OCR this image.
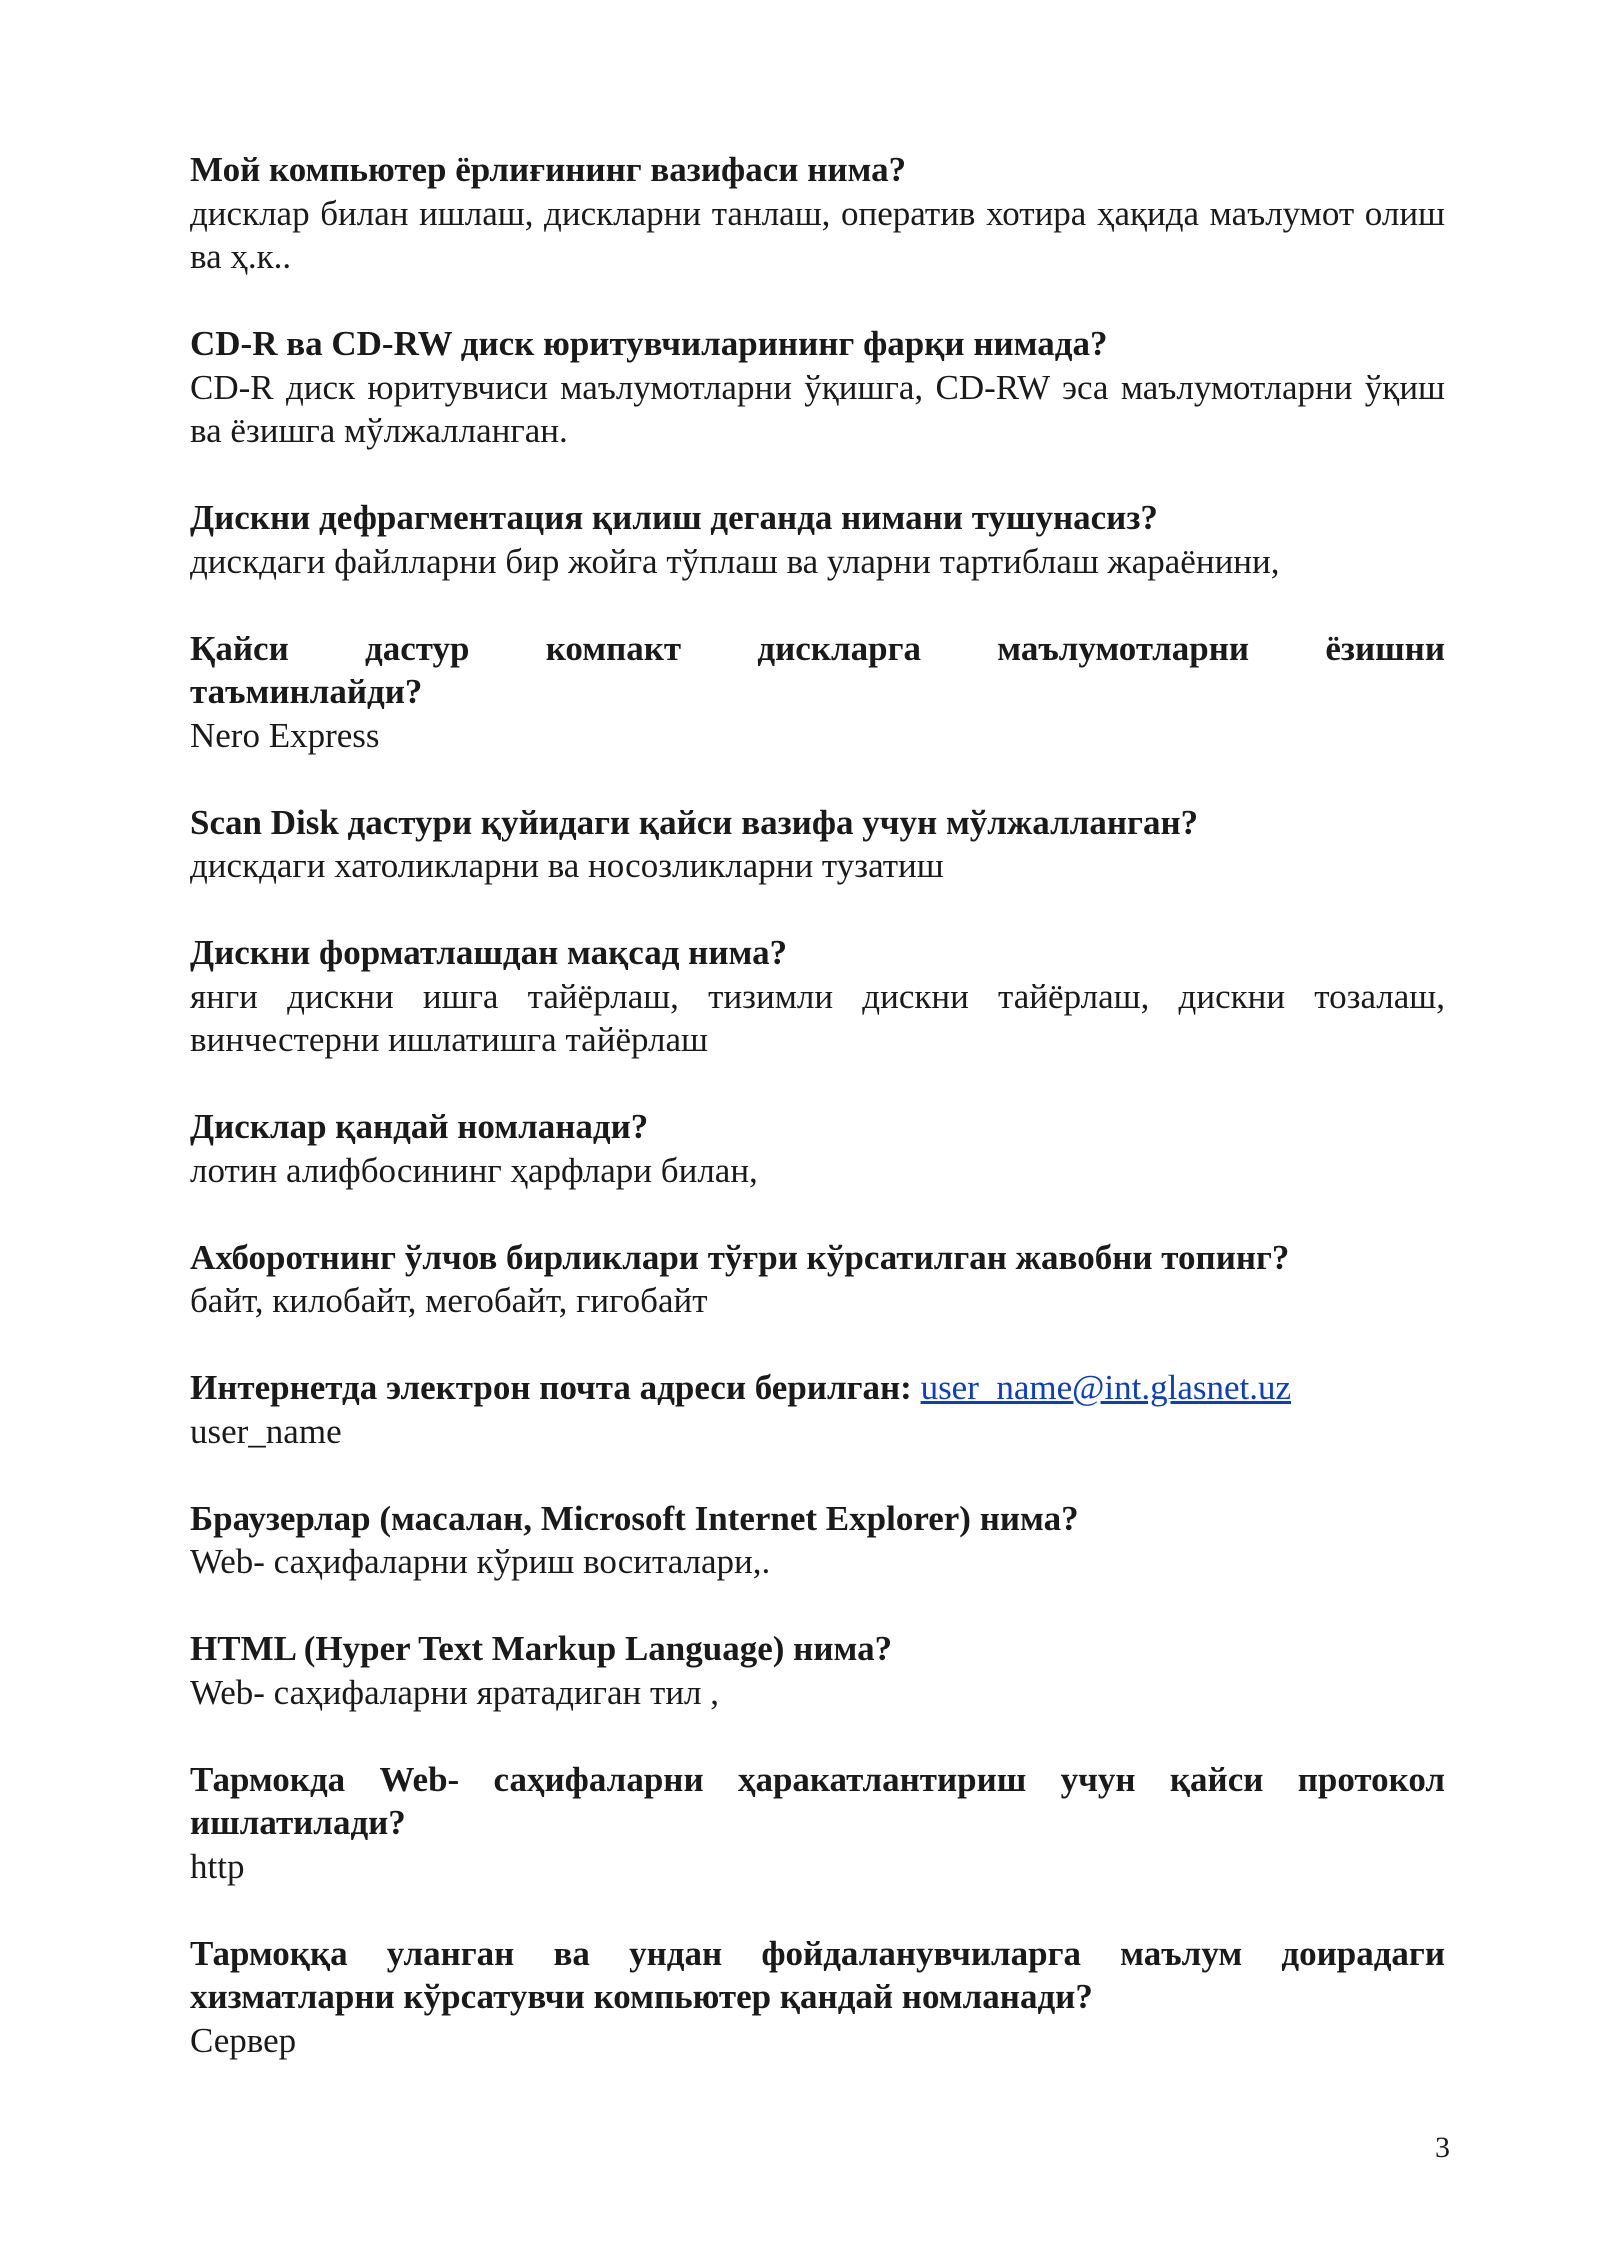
Мой компьютер ёрлиғининг вазифаси нима?

дисклар билан ишлаш, дискларни танлаш, оператив хотира ҳақида маълумот олиш ва ҳ.к..

CD-R ва CD-RW диск юритувчиларининг фарқи нимада?

CD-R диск юритувчиси маълумотларни ўқишга, CD-RW эса маълумотларни ўқиш ва ёзишга мўлжалланган.

Дискни дефрагментация қилиш деганда нимани тушунасиз?

дискдаги файлларни бир жойга тўплаш ва уларни тартиблаш жараёнини,

Қайси дастур компакт дискларга маълумотларни ёзишни
таъминлайди?

Nero Express

Scan Disk дастури қуйидаги қайси вазифа учун мўлжалланган?

дискдаги хатоликларни ва носозликларни тузатиш

Дискни форматлашдан мақсад нима?

янги дискни ишга тайёрлаш, тизимли дискни тайёрлаш, дискни тозалаш, винчестерни ишлатишга тайёрлаш

Дисклар қандай номланади?

лотин алифбосининг ҳарфлари билан,

Ахборотнинг ўлчов бирликлари тўғри кўрсатилган жавобни топинг?

байт, килобайт, мегобайт, гигобайт

Интернетда электрон почта адреси берилган: user_name@int.glasnet.uz

user_name

Браузерлар (масалан, Microsoft Internet Explorer) нима?

Web- саҳифаларни кўриш воситалари,.

HTML (Hyper Text Markup Language) нима?

Web- саҳифаларни яратадиган тил ,

Тармокда Web- саҳифаларни ҳаракатлантириш учун қайси протокол ишлатилади?

http

Тармоққа уланган ва ундан фойдаланувчиларга маълум доирадаги хизматларни кўрсатувчи компьютер қандай номланади?

Сервер

3
